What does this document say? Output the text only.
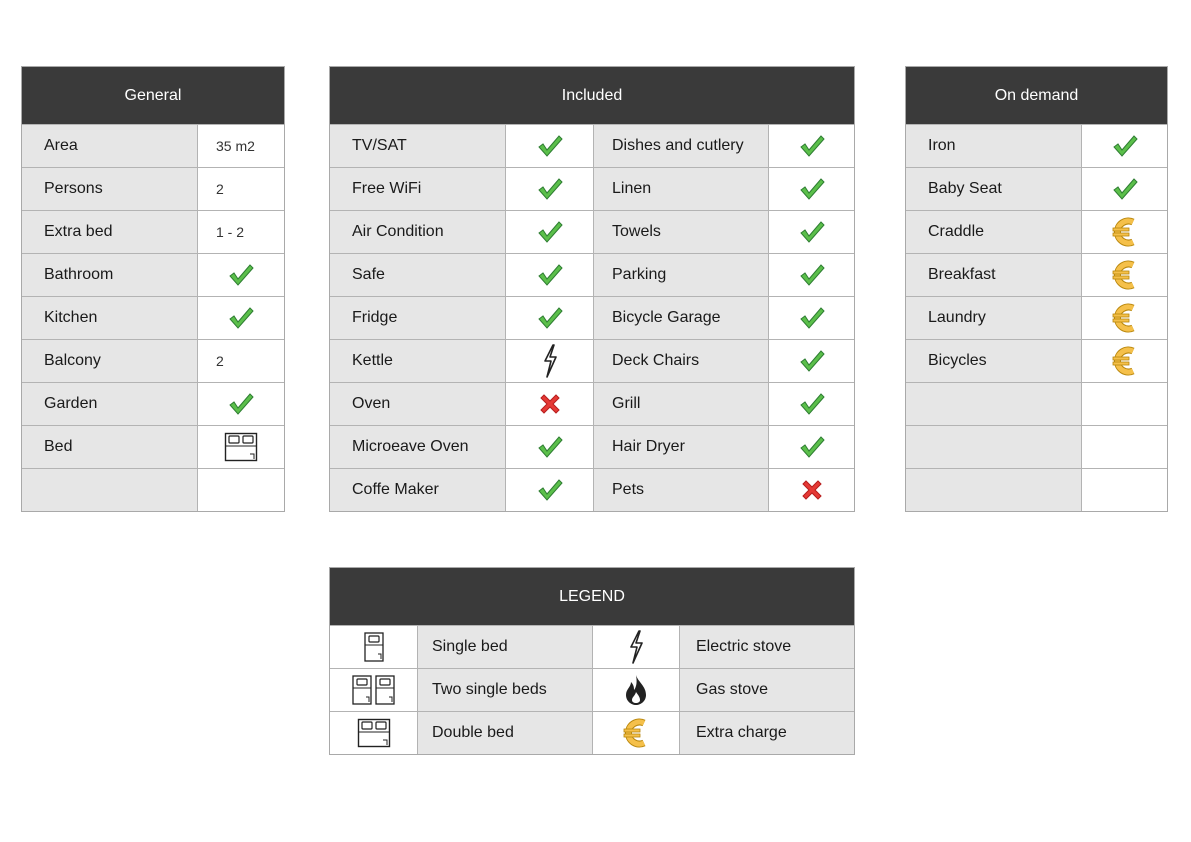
General
Area	35 m2
Persons	2
Extra bed	1 - 2
Bathroom
Kitchen
Balcony	2
Garden
Bed
Included
TV/SAT	Dishes and cutlery
Free WiFi	Linen
Air Condition	Towels
Safe	Parking
Fridge	Bicycle Garage
Kettle	Deck Chairs
Oven	Grill
Microeave Oven	Hair Dryer
Coffe Maker	Pets
On demand
Iron
Baby Seat
Craddle
Breakfast
Laundry
Bicycles
LEGEND
Single bed	Electric stove
Two single beds	Gas stove
Double bed	Extra charge
